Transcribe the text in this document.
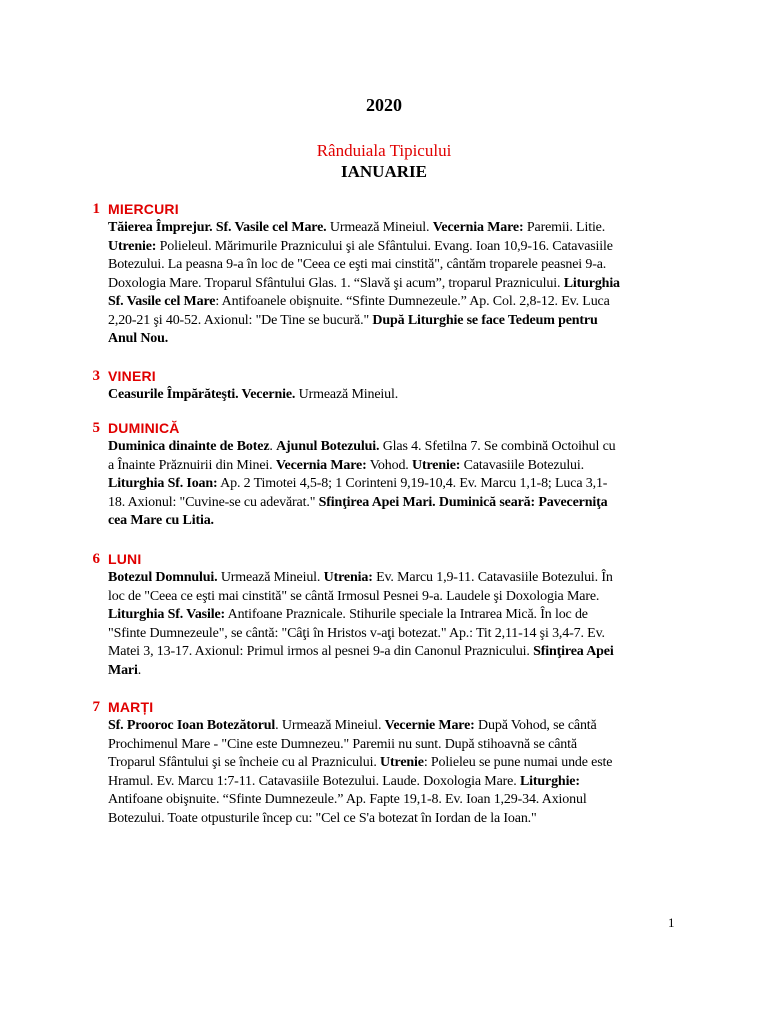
2020
Rânduiala Tipicului
IANUARIE
1 MIERCURI
Tăierea Împrejur. Sf. Vasile cel Mare. Urmează Mineiul. Vecernia Mare: Paremii. Litie.
Utrenie: Polieleul. Mărimurile Praznicului şi ale Sfântului. Evang. Ioan 10,9-16. Catavasiile
Botezului. La peasna 9-a în loc de "Ceea ce eşti mai cinstită", cântăm troparele peasnei 9-a.
Doxologia Mare. Troparul Sfântului Glas. 1. “Slavă şi acum”, troparul Praznicului. Liturghia
Sf. Vasile cel Mare: Antifoanele obişnuite. “Sfinte Dumnezeule.” Ap. Col. 2,8-12. Ev. Luca
2,20-21 şi 40-52. Axionul: "De Tine se bucură." După Liturghie se face Tedeum pentru
Anul Nou.
3 VINERI
Ceasurile Împărăteşti. Vecernie. Urmează Mineiul.
5 DUMINICĂ
Duminica dinainte de Botez. Ajunul Botezului. Glas 4. Sfetilna 7. Se combină Octoihul cu
a Înainte Prăznuirii din Minei. Vecernia Mare: Vohod. Utrenie: Catavasiile Botezului.
Liturghia Sf. Ioan: Ap. 2 Timotei 4,5-8; 1 Corinteni 9,19-10,4. Ev. Marcu 1,1-8; Luca 3,1-
18. Axionul: "Cuvine-se cu adevărat." Sfinţirea Apei Mari. Duminică seară: Pavecerniţa
cea Mare cu Litia.
6 LUNI
Botezul Domnului. Urmează Mineiul. Utrenia: Ev. Marcu 1,9-11. Catavasiile Botezului. În
loc de "Ceea ce eşti mai cinstită" se cântă Irmosul Pesnei 9-a. Laudele şi Doxologia Mare.
Liturghia Sf. Vasile: Antifoane Praznicale. Stihurile speciale la Intrarea Mică. În loc de
"Sfinte Dumnezeule", se cântă: "Câţi în Hristos v-aţi botezat." Ap.: Tit 2,11-14 şi 3,4-7. Ev.
Matei 3, 13-17. Axionul: Primul irmos al pesnei 9-a din Canonul Praznicului. Sfinţirea Apei
Mari.
7 MARȚI
Sf. Prooroc Ioan Botezătorul. Urmează Mineiul. Vecernie Mare: După Vohod, se cântă
Prochimenul Mare - "Cine este Dumnezeu." Paremii nu sunt. După stihoavnă se cântă
Troparul Sfântului şi se încheie cu al Praznicului. Utrenie: Polieleu se pune numai unde este
Hramul. Ev. Marcu 1:7-11. Catavasiile Botezului. Laude. Doxologia Mare. Liturghie:
Antifoane obişnuite. “Sfinte Dumnezeule.” Ap. Fapte 19,1-8. Ev. Ioan 1,29-34. Axionul
Botezului. Toate otpusturile încep cu: "Cel ce S'a botezat în Iordan de la Ioan."
1
